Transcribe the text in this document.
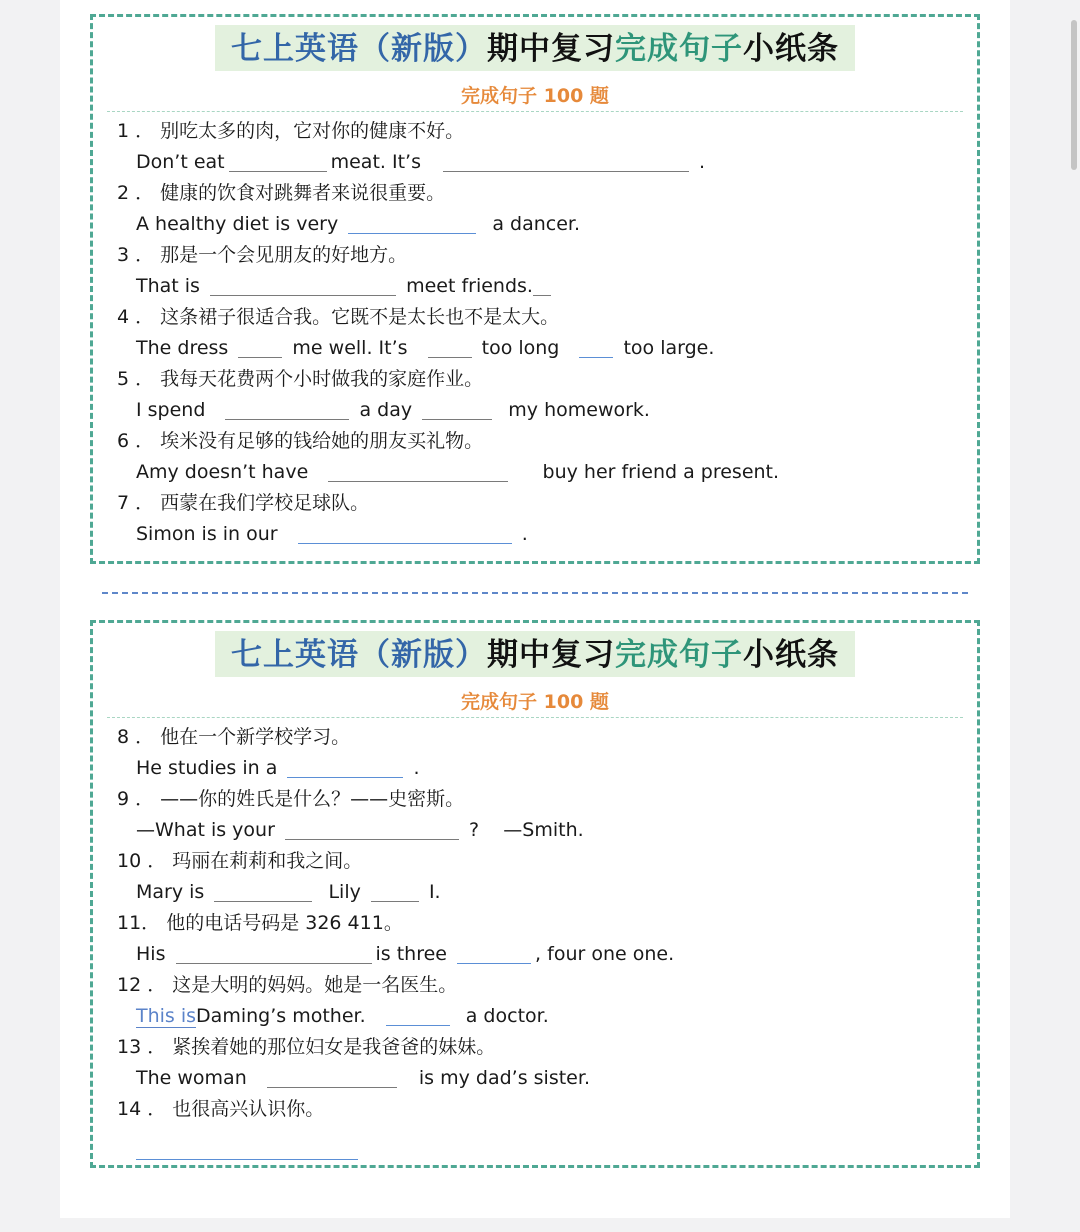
七上英语（新版）期中复习完成句子小纸条
完成句子 100 题
1 ． 别吃太多的肉，它对你的健康不好。
Don’t eat	meat. It’s	.
2 ． 健康的饮食对跳舞者来说很重要。
A healthy diet is very	a dancer.
3 ． 那是一个会见朋友的好地方。
That is	meet friends.
4 ． 这条裙子很适合我。它既不是太长也不是太大。
The dress	me well. It’s	too long	too large.
5 ． 我每天花费两个小时做我的家庭作业。
I spend	a day	my homework.
6 ． 埃米没有足够的钱给她的朋友买礼物。
Amy doesn’t have	buy her friend a present.
7 ． 西蒙在我们学校足球队。
Simon is in our	.
七上英语（新版）期中复习完成句子小纸条
完成句子 100 题
8 ． 他在一个新学校学习。
He studies in a	.
9 ． ——你的姓氏是什么？——史密斯。
—What is your	? —Smith.
10 ． 玛丽在莉莉和我之间。
Mary is	Lily	I.
11． 他的电话号码是 326 411。
His	is three	, four one one.
12 ． 这是大明的妈妈。她是一名医生。
This isDaming’s mother.	a doctor.
13 ． 紧挨着她的那位妇女是我爸爸的妹妹。
The woman	is my dad’s sister.
14 ． 也很高兴认识你。
